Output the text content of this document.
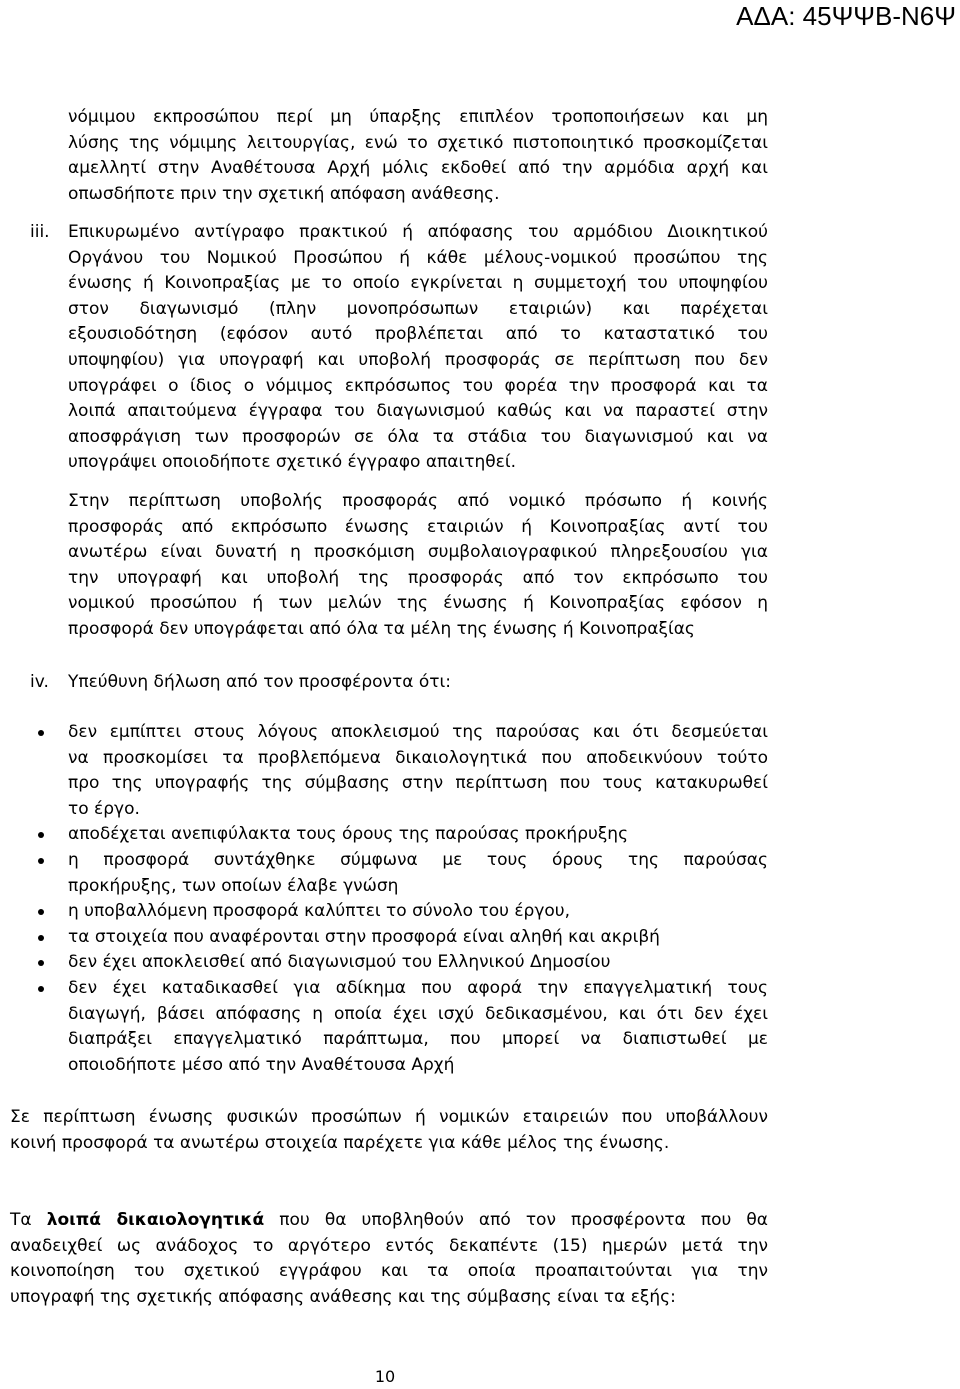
ΑΔΑ: 45ΨΨΒ-Ν6Ψ
νόμιμου εκπροσώπου περί μη ύπαρξης επιπλέον τροποποιήσεων και μη
λύσης της νόμιμης λειτουργίας, ενώ το σχετικό πιστοποιητικό προσκομίζεται
αμελλητί στην Αναθέτουσα Αρχή μόλις εκδοθεί από την αρμόδια αρχή και
οπωσδήποτε πριν την σχετική απόφαση ανάθεσης.
iii. Επικυρωμένο αντίγραφο πρακτικού ή απόφασης του αρμόδιου Διοικητικού
Οργάνου του Νομικού Προσώπου ή κάθε μέλους-νομικού προσώπου της
ένωσης ή Κοινοπραξίας με το οποίο εγκρίνεται η συμμετοχή του υποψηφίου
στον διαγωνισμό (πλην μονοπρόσωπων εταιριών) και παρέχεται
εξουσιοδότηση (εφόσον αυτό προβλέπεται από το καταστατικό του
υποψηφίου) για υπογραφή και υποβολή προσφοράς σε περίπτωση που δεν
υπογράφει ο ίδιος ο νόμιμος εκπρόσωπος του φορέα την προσφορά και τα
λοιπά απαιτούμενα έγγραφα του διαγωνισμού καθώς και να παραστεί στην
αποσφράγιση των προσφορών σε όλα τα στάδια του διαγωνισμού και να
υπογράψει οποιοδήποτε σχετικό έγγραφο απαιτηθεί.
Στην περίπτωση υποβολής προσφοράς από νομικό πρόσωπο ή κοινής
προσφοράς από εκπρόσωπο ένωσης εταιριών ή Κοινοπραξίας αντί του
ανωτέρω είναι δυνατή η προσκόμιση συμβολαιογραφικού πληρεξουσίου για
την υπογραφή και υποβολή της προσφοράς από τον εκπρόσωπο του
νομικού προσώπου ή των μελών της ένωσης ή Κοινοπραξίας εφόσον η
προσφορά δεν υπογράφεται από όλα τα μέλη της ένωσης ή Κοινοπραξίας
iv. Υπεύθυνη δήλωση από τον προσφέροντα ότι:
δεν εμπίπτει στους λόγους αποκλεισμού της παρούσας και ότι δεσμεύεται
να προσκομίσει τα προβλεπόμενα δικαιολογητικά που αποδεικνύουν τούτο
προ της υπογραφής της σύμβασης στην περίπτωση που τους κατακυρωθεί
το έργο.
αποδέχεται ανεπιφύλακτα τους όρους της παρούσας προκήρυξης
η προσφορά συντάχθηκε σύμφωνα με τους όρους της παρούσας
προκήρυξης, των οποίων έλαβε γνώση
η υποβαλλόμενη προσφορά καλύπτει το σύνολο του έργου,
τα στοιχεία που αναφέρονται στην προσφορά είναι αληθή και ακριβή
δεν έχει αποκλεισθεί από διαγωνισμού του Ελληνικού Δημοσίου
δεν έχει καταδικασθεί για αδίκημα που αφορά την επαγγελματική τους
διαγωγή, βάσει απόφασης η οποία έχει ισχύ δεδικασμένου, και ότι δεν έχει
διαπράξει επαγγελματικό παράπτωμα, που μπορεί να διαπιστωθεί με
οποιοδήποτε μέσο από την Αναθέτουσα Αρχή
Σε περίπτωση ένωσης φυσικών προσώπων ή νομικών εταιρειών που υποβάλλουν
κοινή προσφορά τα ανωτέρω στοιχεία παρέχετε για κάθε μέλος της ένωσης.
Τα λοιπά δικαιολογητικά που θα υποβληθούν από τον προσφέροντα που θα
αναδειχθεί ως ανάδοχος το αργότερο εντός δεκαπέντε (15) ημερών μετά την
κοινοποίηση του σχετικού εγγράφου και τα οποία προαπαιτούνται για την
υπογραφή της σχετικής απόφασης ανάθεσης και της σύμβασης είναι τα εξής:
10
